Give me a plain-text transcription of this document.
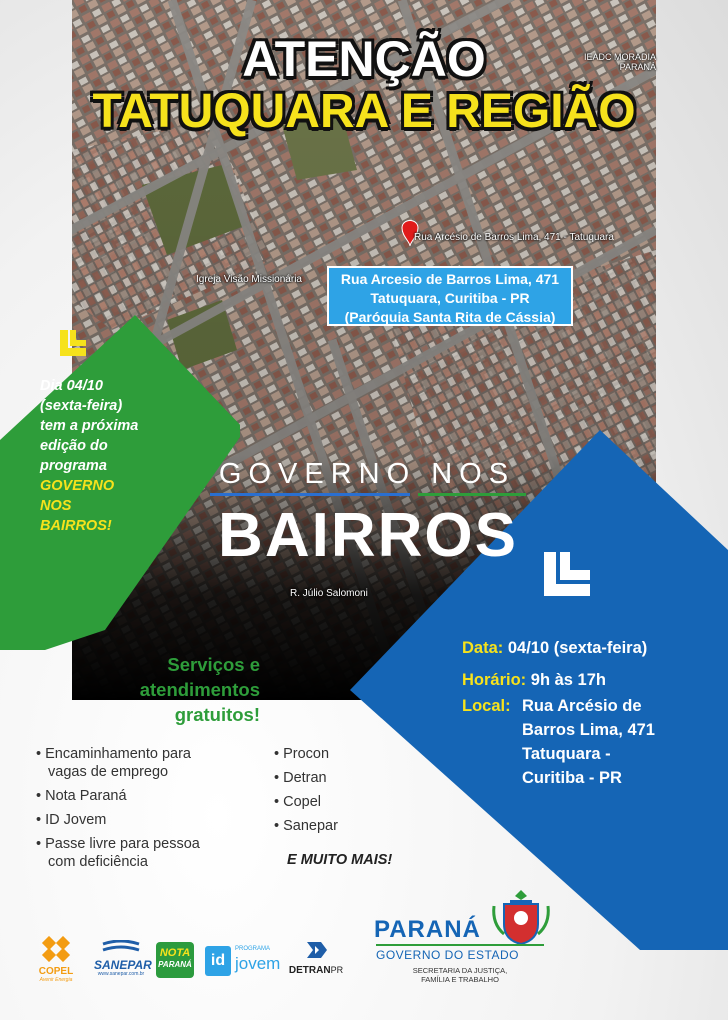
Rua Arcésio de Barros Lima, 471 - Tatuquara
Igreja Visão Missionária
R. Júlio Salomoni
IEADC MORADIA PARANÁ
ATENÇÃO
TATUQUARA E REGIÃO
Rua Arcesio de Barros Lima, 471
Tatuquara, Curitiba - PR
(Paróquia Santa Rita de Cássia)
Dia 04/10
(sexta-feira)
tem a próxima
edição do
programa
GOVERNO
NOS
BAIRROS!
Data: 04/10 (sexta-feira)
Horário: 9h às 17h
Local: Rua Arcésio de
Barros Lima, 471
Tatuquara -
Curitiba - PR
GOVERNO NOS
BAIRROS
Serviços e
atendimentos
gratuitos!
• Encaminhamento para
vagas de emprego
• Nota Paraná
• ID Jovem
• Passe livre para pessoa
com deficiência
• Procon
• Detran
• Copel
• Sanepar
E MUITO MAIS!
COPEL
Avenir Energia
SANEPAR
www.sanepar.com.br
NOTA
PARANÁ	id
PROGRAMA
jovem DETRANPR
PARANÁ
GOVERNO DO ESTADO
SECRETARIA DA JUSTIÇA,
FAMÍLIA E TRABALHO
